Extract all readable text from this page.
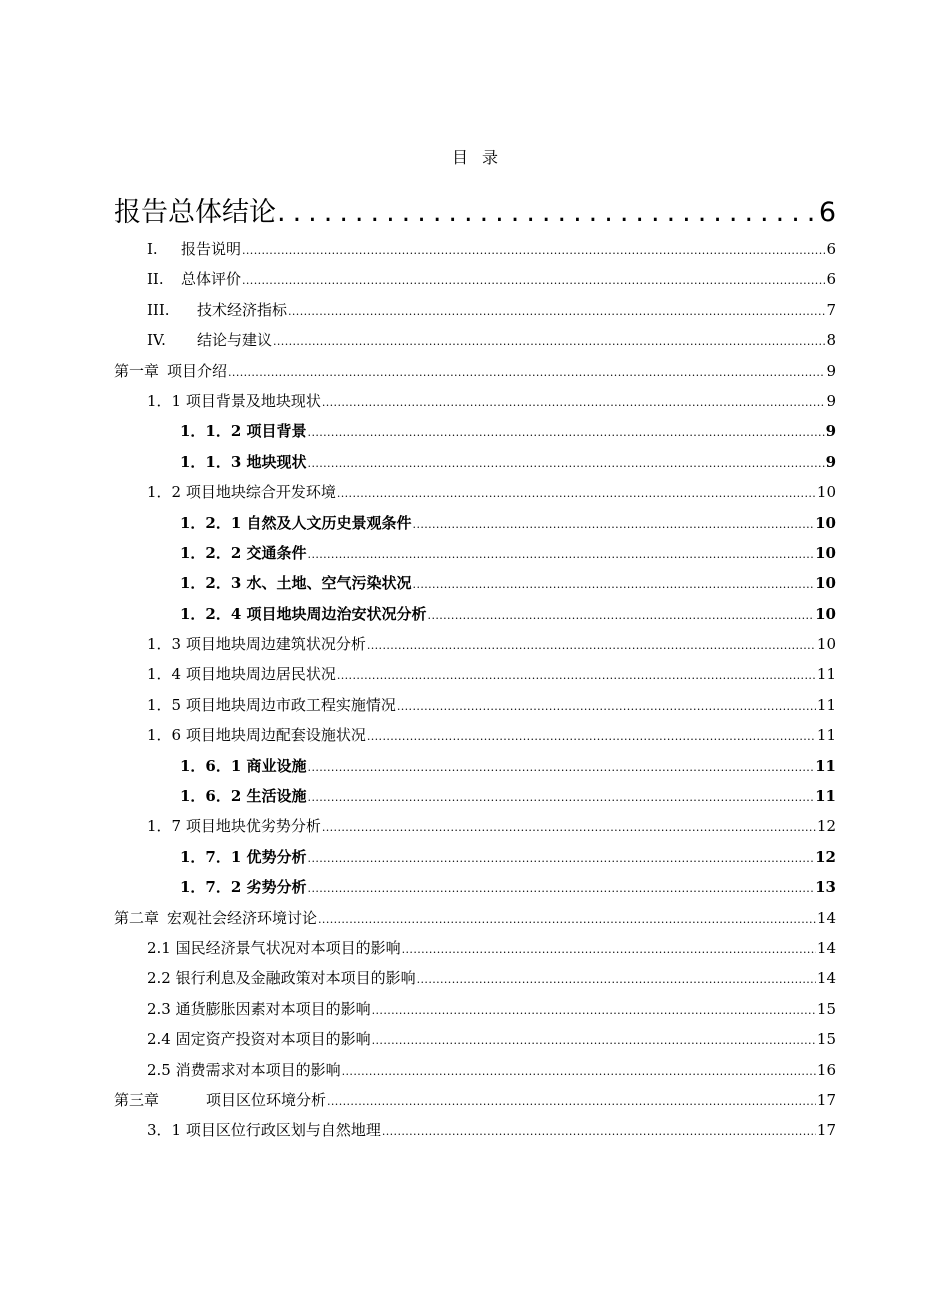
目录
报告总体结论 .....	6
I. 报告说明 .....	6
II. 总体评价 .....	6
III. 技术经济指标 .....	7
IV. 结论与建议 .....	8
第一章 项目介绍 .....	9
1．1 项目背景及地块现状 .....	9
1．1．2 项目背景 .....	9
1．1．3 地块现状 .....	9
1．2 项目地块综合开发环境 .....	10
1．2．1 自然及人文历史景观条件 .....	10
1．2．2 交通条件 .....	10
1．2．3 水、土地、空气污染状况 .....	10
1．2．4 项目地块周边治安状况分析 .....	10
1．3 项目地块周边建筑状况分析 .....	10
1．4 项目地块周边居民状况 .....	11
1．5 项目地块周边市政工程实施情况 .....	11
1．6 项目地块周边配套设施状况 .....	11
1．6．1 商业设施 .....	11
1．6．2 生活设施 .....	11
1．7 项目地块优劣势分析 .....	12
1．7．1 优势分析 .....	12
1．7．2 劣势分析 .....	13
第二章 宏观社会经济环境讨论 .....	14
2.1 国民经济景气状况对本项目的影响 .....	14
2.2 银行利息及金融政策对本项目的影响 .....	14
2.3 通货膨胀因素对本项目的影响 .....	15
2.4 固定资产投资对本项目的影响 .....	15
2.5 消费需求对本项目的影响 .....	16
第三章	项目区位环境分析 .....	17
3．1 项目区位行政区划与自然地理 .....	17
